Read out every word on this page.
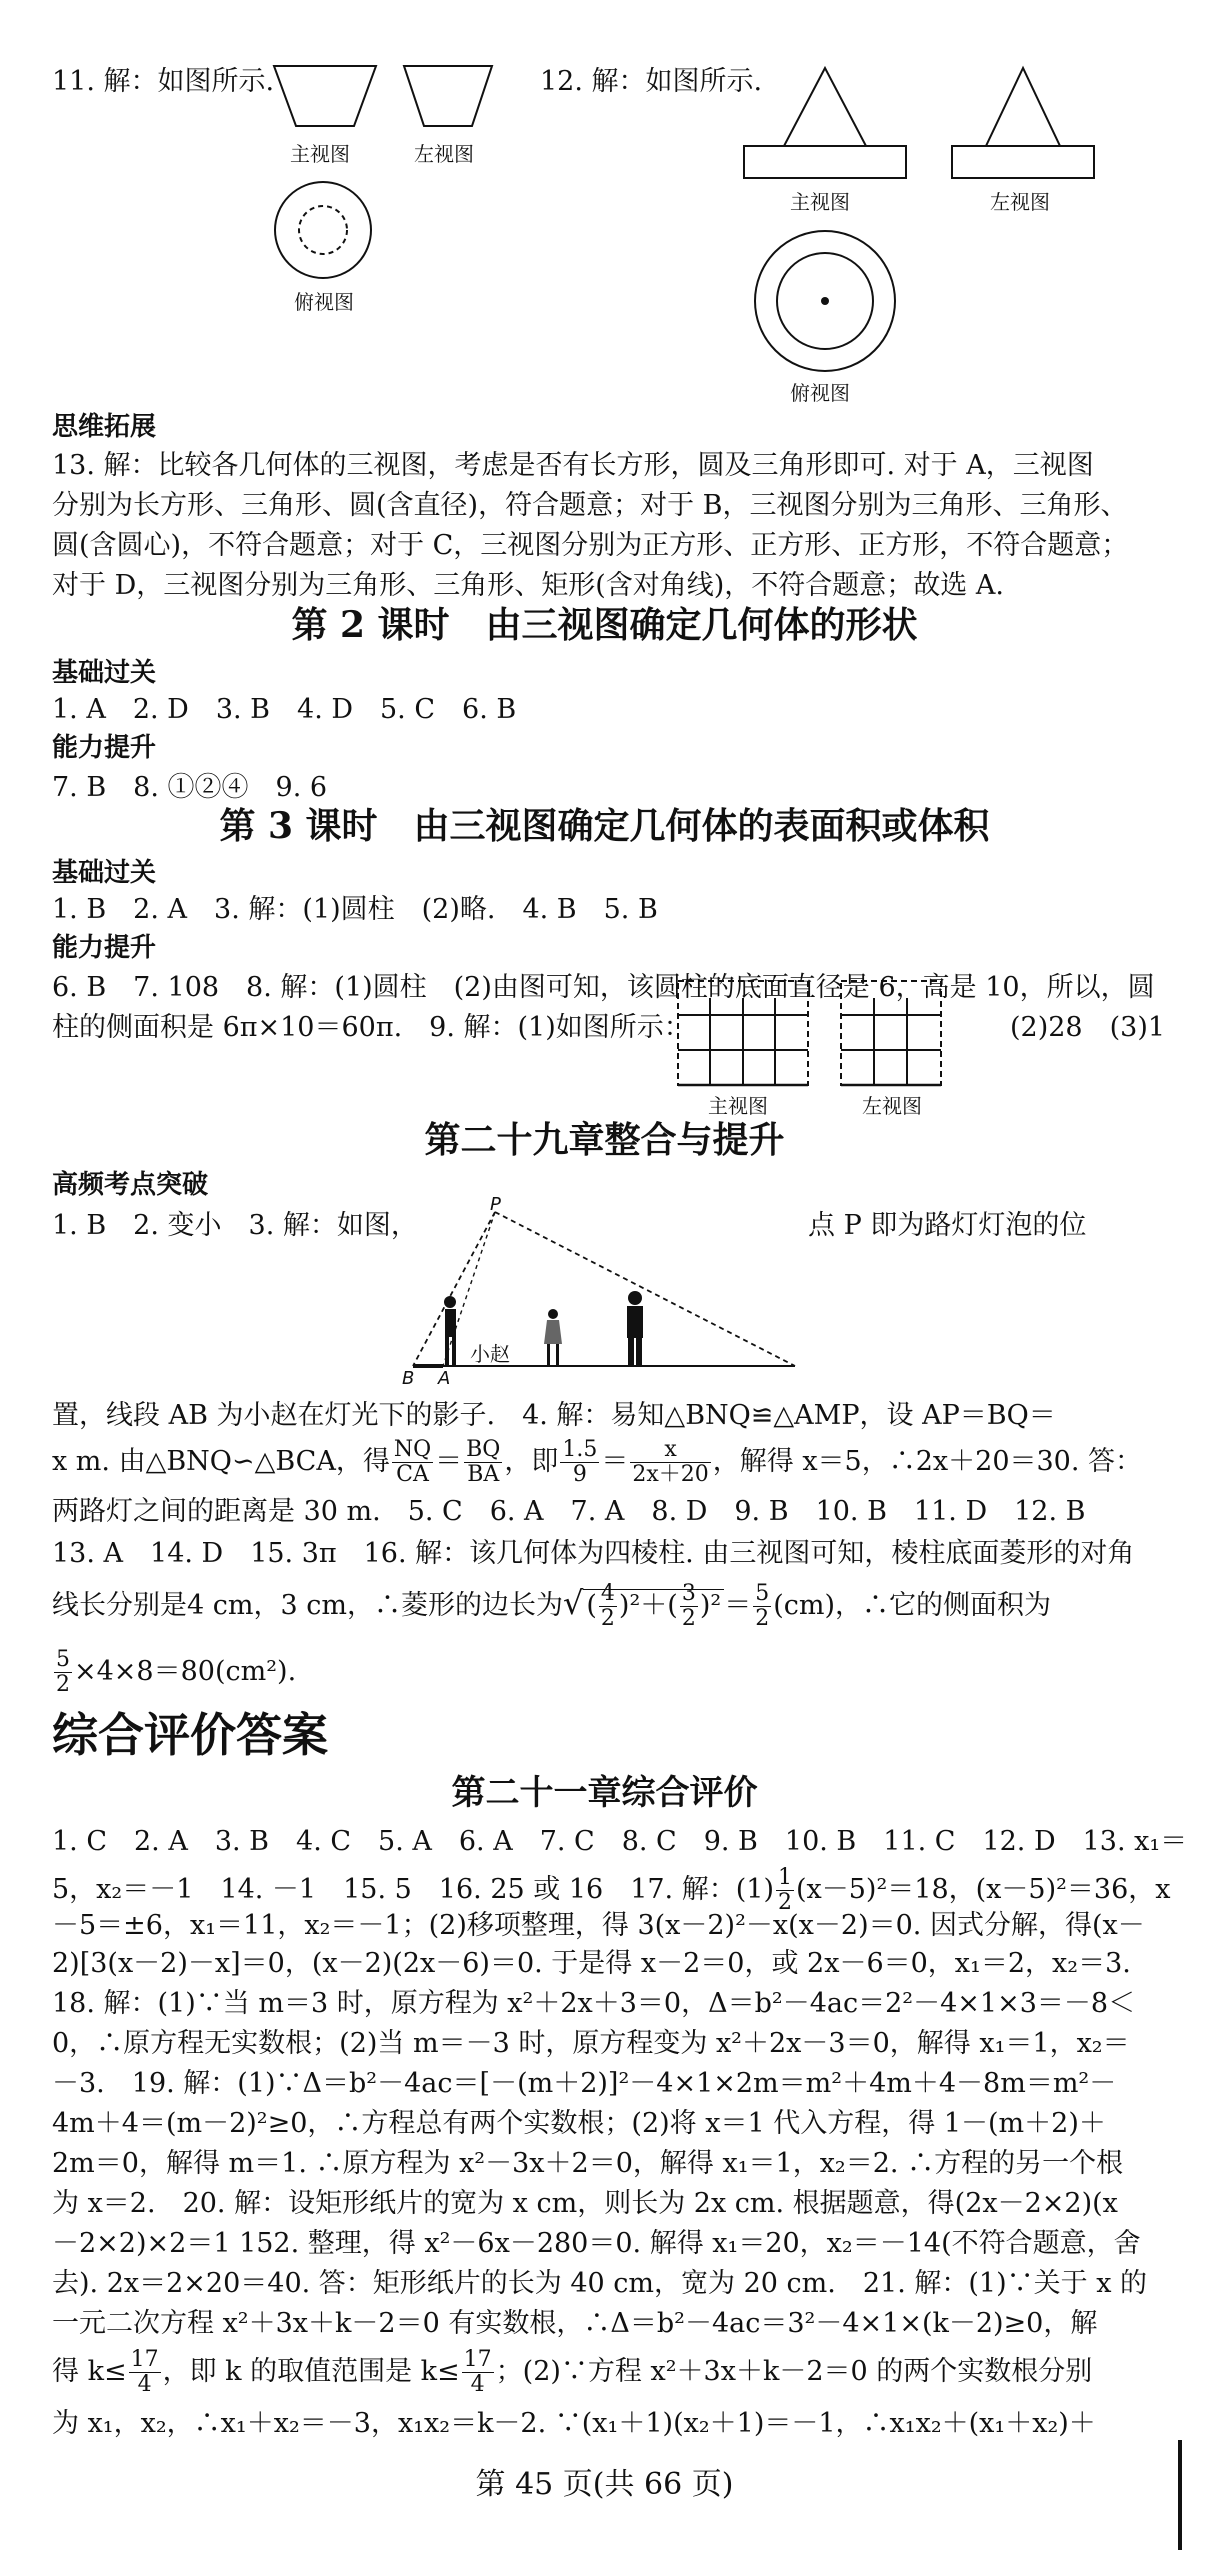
11. 解：如图所示.
主视图	左视图
俯视图
12. 解：如图所示.
主视图	左视图
俯视图
思维拓展
13. 解：比较各几何体的三视图，考虑是否有长方形，圆及三角形即可. 对于 A，三视图
分别为长方形、三角形、圆(含直径)，符合题意；对于 B，三视图分别为三角形、三角形、
圆(含圆心)，不符合题意；对于 C，三视图分别为正方形、正方形、正方形，不符合题意；
对于 D，三视图分别为三角形、三角形、矩形(含对角线)，不符合题意；故选 A.
第 2 课时　由三视图确定几何体的形状
基础过关
1. A　2. D　3. B　4. D　5. C　6. B
能力提升
7. B　8. ①②④　9. 6
第 3 课时　由三视图确定几何体的表面积或体积
基础过关
1. B　2. A　3. 解：(1)圆柱　(2)略.　4. B　5. B
能力提升
6. B　7. 108　8. 解：(1)圆柱　(2)由图可知，该圆柱的底面直径是 6，高是 10，所以，圆
柱的侧面积是 6π×10＝60π.　9. 解：(1)如图所示：	(2)28　(3)1
主视图	左视图
第二十九章整合与提升
高频考点突破
1. B　2. 变小　3. 解：如图，	点 P 即为路灯灯泡的位
P
B A
小赵
置，线段 AB 为小赵在灯光下的影子.　4. 解：易知△BNQ≌△AMP，设 AP＝BQ＝
x m. 由△BNQ∽△BCA，得 $\frac{NQ}{CA} = \frac{BQ}{BA}$ ，即 $\frac{1.5}{9} = \frac{x}{2x+20}$ ，解得 x＝5，∴2x＋20＝30. 答：
两路灯之间的距离是 30 m.　5. C　6. A　7. A　8. D　9. B　10. B　11. D　12. B
13. A　14. D　15. 3π　16. 解：该几何体为四棱柱. 由三视图可知，棱柱底面菱形的对角
线长分别是4 cm，3 cm，∴菱形的边长为√ ( $\frac{4}{2} )^2+( \frac{3}{2} )^2 = \frac{5}{2} (cm)$，∴它的侧面积为
$\frac{5}{2} \times 4\times 8=80(cm^2)$.
综合评价答案
第二十一章综合评价
1. C　2. A　3. B　4. C　5. A　6. A　7. C　8. C　9. B　10. B　11. C　12. D　13. x₁＝
5，x₂＝－1　14. －1　15. 5　16. 25 或 16　17. 解：$(1) \frac{1}{2} (x-5)^2=18$，(x－5)²＝36，x
－5＝±6，x₁＝11，x₂＝－1；(2)移项整理，得 3(x－2)²－x(x－2)＝0. 因式分解，得(x－
2)[3(x－2)－x]＝0，(x－2)(2x－6)＝0. 于是得 x－2＝0，或 2x－6＝0，x₁＝2，x₂＝3.
18. 解：(1)∵当 m＝3 时，原方程为 x²＋2x＋3＝0，Δ＝b²－4ac＝2²－4×1×3＝－8＜
0，∴原方程无实数根；(2)当 m＝－3 时，原方程变为 x²＋2x－3＝0，解得 x₁＝1，x₂＝
－3.　19. 解：(1)∵Δ＝b²－4ac＝[－(m＋2)]²－4×1×2m＝m²＋4m＋4－8m＝m²－
4m＋4＝(m－2)²≥0，∴方程总有两个实数根；(2)将 x＝1 代入方程，得 1－(m＋2)＋
2m＝0，解得 m＝1. ∴原方程为 x²－3x＋2＝0，解得 x₁＝1，x₂＝2. ∴方程的另一个根
为 x＝2.　20. 解：设矩形纸片的宽为 x cm，则长为 2x cm. 根据题意，得(2x－2×2)(x
－2×2)×2＝1 152. 整理，得 x²－6x－280＝0. 解得 x₁＝20，x₂＝－14(不符合题意，舍
去). 2x＝2×20＝40. 答：矩形纸片的长为 40 cm，宽为 20 cm.　21. 解：(1)∵关于 x 的
一元二次方程 x²＋3x＋k－2＝0 有实数根，∴Δ＝b²－4ac＝3²－4×1×(k－2)≥0，解
得 $k\le \frac{17}{4}$ ，即 k 的取值范围是 $k\le \frac{17}{4}$ ；(2)∵方程 x²＋3x＋k－2＝0 的两个实数根分别
为 x₁，x₂，∴x₁＋x₂＝－3，x₁x₂＝k－2. ∵(x₁＋1)(x₂＋1)＝－1，∴x₁x₂＋(x₁＋x₂)＋
第 45 页(共 66 页)
